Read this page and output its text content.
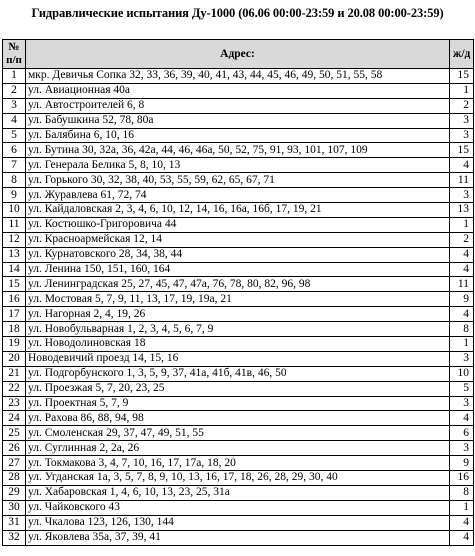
Гидравлические испытания Ду-1000 (06.06 00:00-23:59 и 20.08 00:00-23:59)
№
п/п	Адрес:	ж/д
1	мкр. Девичья Сопка 32, 33, 36, 39, 40, 41, 43, 44, 45, 46, 49, 50, 51, 55, 58	15
2	ул. Авиационная 40а	1
3	ул. Автостроителей 6, 8	2
4	ул. Бабушкина 52, 78, 80а	3
5	ул. Балябина 6, 10, 16	3
6	ул. Бутина 30, 32а, 36, 42а, 44, 46, 46а, 50, 52, 75, 91, 93, 101, 107, 109	15
7	ул. Генерала Белика 5, 8, 10, 13	4
8	ул. Горького 30, 32, 38, 40, 53, 55, 59, 62, 65, 67, 71	11
9	ул. Журавлева 61, 72, 74	3
10	ул. Кайдаловская 2, 3, 4, 6, 10, 12, 14, 16, 16а, 16б, 17, 19, 21	13
11	ул. Костюшко-Григоровича 44	1
12	ул. Красноармейская 12, 14	2
13	ул. Курнатовского 28, 34, 38, 44	4
14	ул. Ленина 150, 151, 160, 164	4
15	ул. Ленинградская 25, 27, 45, 47, 47а, 76, 78, 80, 82, 96, 98	11
16	ул. Мостовая 5, 7, 9, 11, 13, 17, 19, 19а, 21	9
17	ул. Нагорная 2, 4, 19, 26	4
18	ул. Новобульварная 1, 2, 3, 4, 5, 6, 7, 9	8
19	ул. Новодолиновская 18	1
20	Новодевичий проезд 14, 15, 16	3
21	ул. Подгорбунского 1, 3, 5, 9, 37, 41а, 41б, 41в, 46, 50	10
22	ул. Проезжая 5, 7, 20, 23, 25	5
23	ул. Проектная 5, 7, 9	3
24	ул. Рахова 86, 88, 94, 98	4
25	ул. Смоленская 29, 37, 47, 49, 51, 55	6
26	ул. Суглинная 2, 2а, 26	3
27	ул. Токмакова 3, 4, 7, 10, 16, 17, 17а, 18, 20	9
28	ул. Угданская 1а, 3, 5, 7, 8, 9, 10, 13, 16, 17, 18, 26, 28, 29, 30, 40	16
29	ул. Хабаровская 1, 4, 6, 10, 13, 23, 25, 31а	8
30	ул. Чайковского 43	1
31	ул. Чкалова 123, 126, 130, 144	4
32	ул. Яковлева 35а, 37, 39, 41	4
